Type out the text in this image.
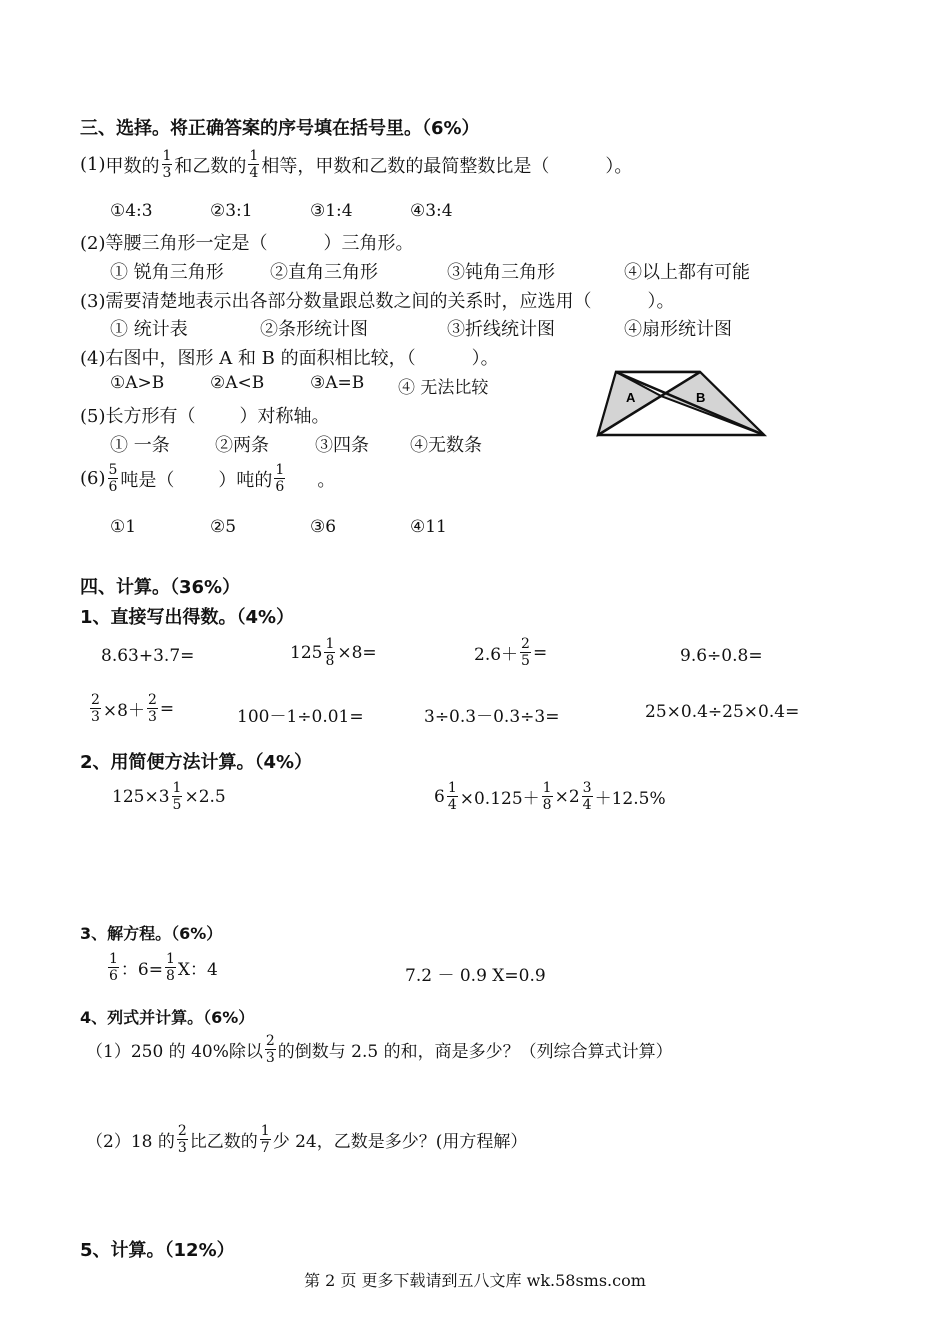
三、选择。将正确答案的序号填在括号里。（6%）
(1) 甲数的 $\frac{1}{3}$ 和乙数的 $\frac{1}{4}$ 相等，甲数和乙数的最简整数比是（	）。
①4:3	②3:1	③1:4	④3:4
(2)等腰三角形一定是（	）三角形。
① 锐角三角形	②直角三角形	③钝角三角形	④以上都有可能
(3)需要清楚地表示出各部分数量跟总数之间的关系时，应选用（	）。
① 统计表	②条形统计图	③折线统计图	④扇形统计图
(4)右图中，图形 A 和 B 的面积相比较，（	）。
①A>B	②A<B	③A=B ④ 无法比较	A	B
(5)长方形有（ ）对称轴。
① 一条	②两条	③四条 ④无数条
$(6) \frac{5}{6}$ 吨是（ ）吨的 $\frac{1}{6}$ 。
①1	②5	③6	④11
四、计算。（36%）
1、直接写出得数。（4%）
8.63+3.7=	$125 \frac{1}{8} \times 8=$	$2.6+ \frac{2}{5}$ =	9.6÷0.8=
$\frac{2}{3} \times 8+ \frac{2}{3}$ =	100－1÷0.01=	3÷0.3－0.3÷3=	25×0.4÷25×0.4=
2、用简便方法计算。（4%）
$125\times 3 \frac{1}{5} \times 2.5$	$6 \frac{1}{4} \times 0.125+ \frac{1}{8} \times 2 \frac{3}{4} +12.5\%$
3、解方程。（6%）
$\frac{1}{6}$ ：$6= \frac{1}{8}$ X：4	7.2 － 0.9 X=0.9
4、列式并计算。（6%）
（1）250 的 40%除以 $\frac{2}{3}$ 的倒数与 2.5 的和，商是多少？（列综合算式计算）
（2）18 的 $\frac{2}{3}$ 比乙数的 $\frac{1}{7}$ 少 24，乙数是多少？(用方程解）
5、计算。（12%）
第 2 页 更多下载请到五八文库 wk.58sms.com
